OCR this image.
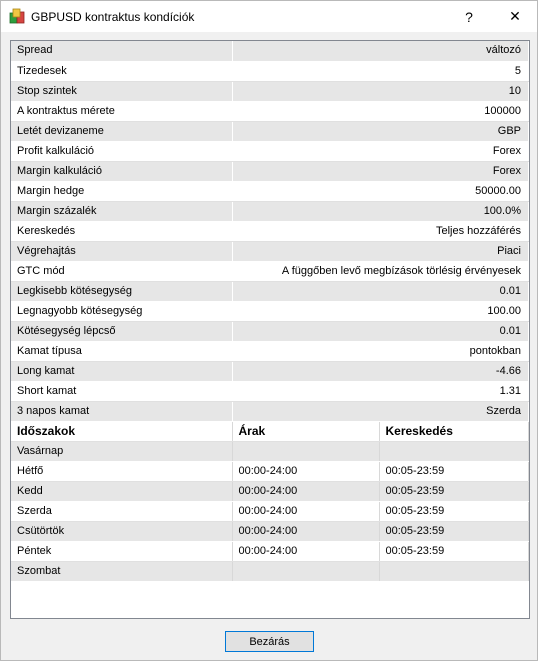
GBPUSD kontraktus kondíciók	?	✕
Spread	változó
Tizedesek	5
Stop szintek	10
A kontraktus mérete	100000
Letét devizaneme	GBP
Profit kalkuláció	Forex
Margin kalkuláció	Forex
Margin hedge	50000.00
Margin százalék	100.0%
Kereskedés	Teljes hozzáférés
Végrehajtás	Piaci
GTC mód	A függőben levő megbízások törlésig érvényesek
Legkisebb kötésegység	0.01
Legnagyobb kötésegység	100.00
Kötésegység lépcső	0.01
Kamat típusa	pontokban
Long kamat	-4.66
Short kamat	1.31
3 napos kamat	Szerda
Időszakok	Árak	Kereskedés
Vasárnap		
Hétfő	00:00-24:00	00:05-23:59
Kedd	00:00-24:00	00:05-23:59
Szerda	00:00-24:00	00:05-23:59
Csütörtök	00:00-24:00	00:05-23:59
Péntek	00:00-24:00	00:05-23:59
Szombat		
Bezárás
